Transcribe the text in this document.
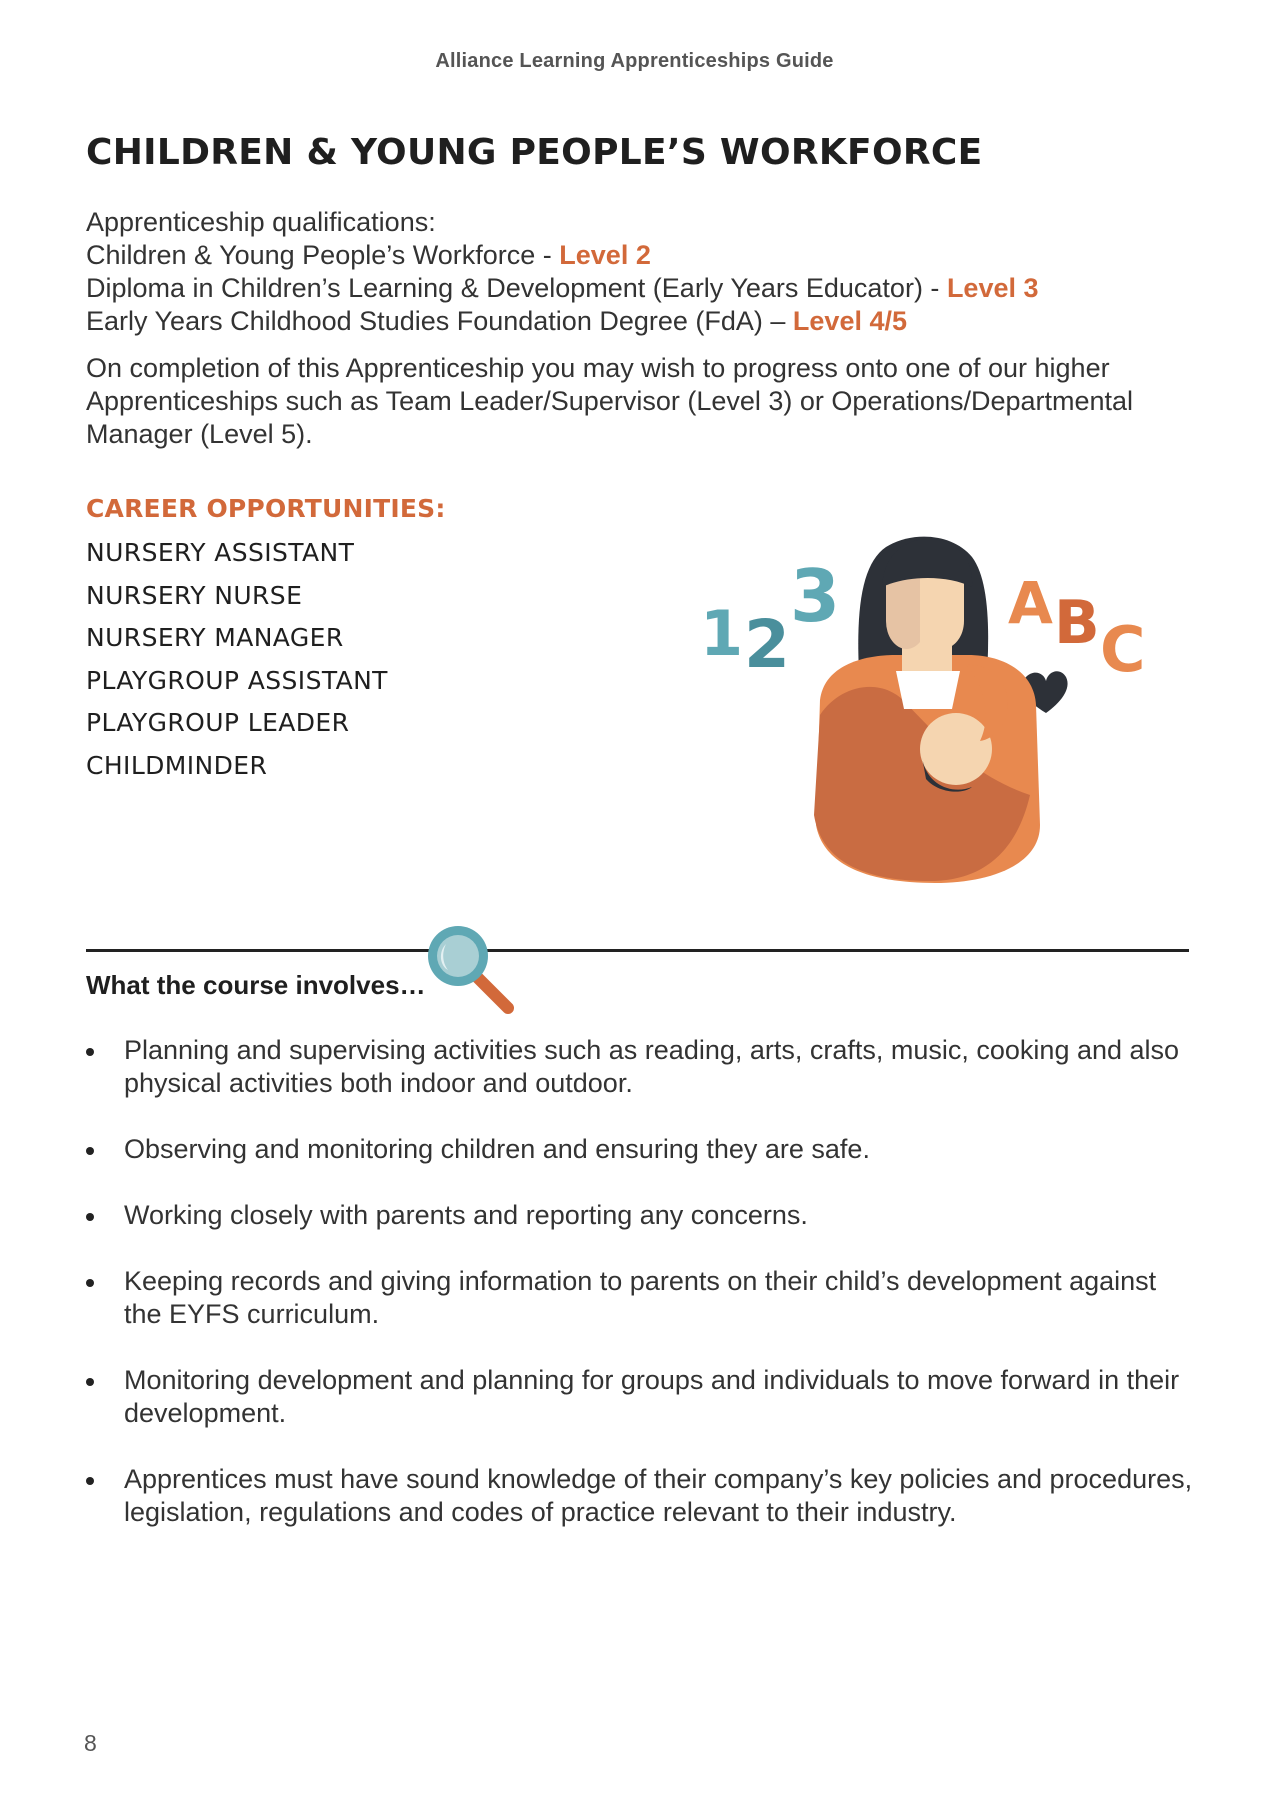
Alliance Learning Apprenticeships Guide
CHILDREN & YOUNG PEOPLE’S WORKFORCE
Apprenticeship qualifications:
Children & Young People’s Workforce - Level 2
Diploma in Children’s Learning & Development (Early Years Educator) - Level 3
Early Years Childhood Studies Foundation Degree (FdA) – Level 4/5
On completion of this Apprenticeship you may wish to progress onto one of our higher Apprenticeships such as Team Leader/Supervisor (Level 3) or Operations/Departmental Manager (Level 5).
CAREER OPPORTUNITIES:
NURSERY ASSISTANT
NURSERY NURSE
NURSERY MANAGER
PLAYGROUP ASSISTANT
PLAYGROUP LEADER
CHILDMINDER
1 2
3	A B C
What the course involves…
Planning and supervising activities such as reading, arts, crafts, music, cooking and also physical activities both indoor and outdoor.
Observing and monitoring children and ensuring they are safe.
Working closely with parents and reporting any concerns.
Keeping records and giving information to parents on their child’s development against the EYFS curriculum.
Monitoring development and planning for groups and individuals to move forward in their development.
Apprentices must have sound knowledge of their company’s key policies and procedures, legislation, regulations and codes of practice relevant to their industry.
8
